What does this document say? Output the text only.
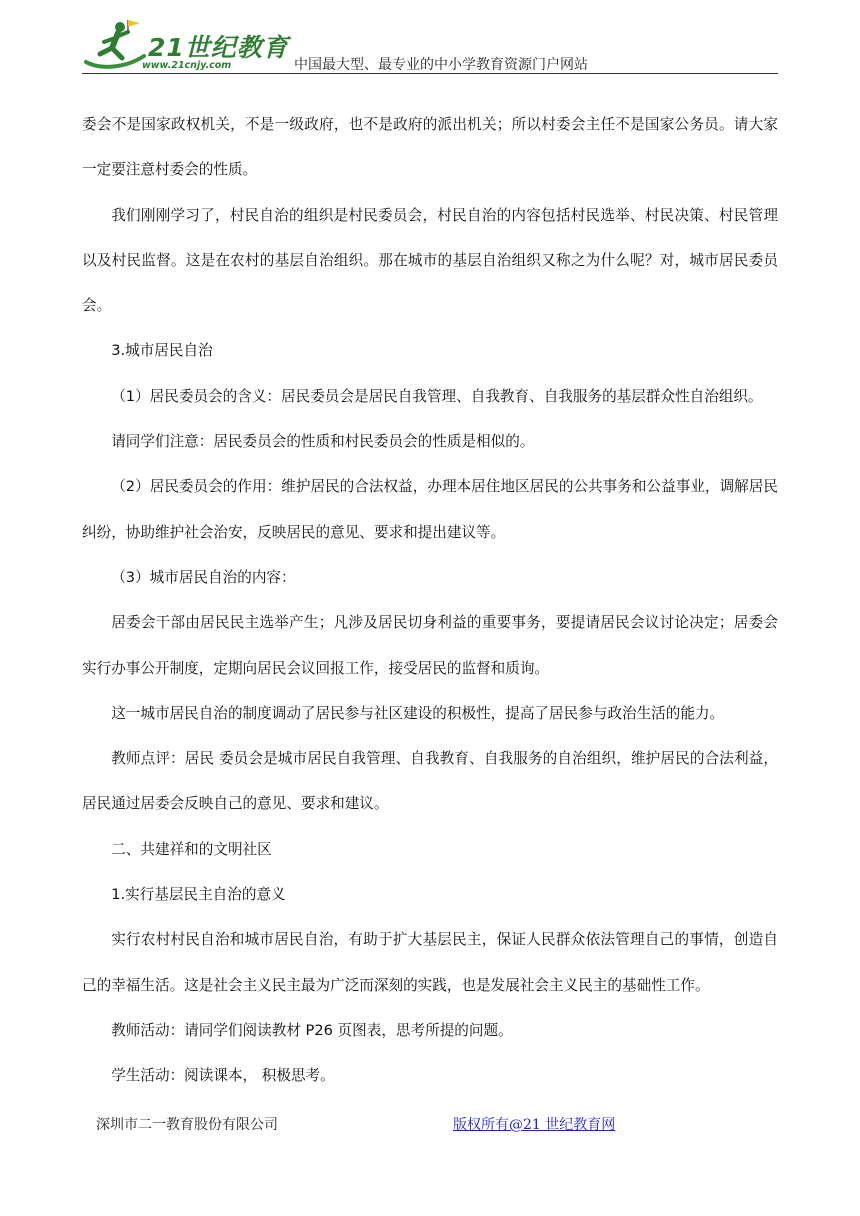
21世纪教育
www.21cnjy.com	中国最大型、最专业的中小学教育资源门户网站

委会不是国家政权机关，不是一级政府，也不是政府的派出机关；所以村委会主任不是国家公务员。请大家一定要注意村委会的性质。

我们刚刚学习了，村民自治的组织是村民委员会，村民自治的内容包括村民选举、村民决策、村民管理以及村民监督。这是在农村的基层自治组织。那在城市的基层自治组织又称之为什么呢？对，城市居民委员会。

3.城市居民自治

（1）居民委员会的含义：居民委员会是居民自我管理、自我教育、自我服务的基层群众性自治组织。

请同学们注意：居民委员会的性质和村民委员会的性质是相似的。

（2）居民委员会的作用：维护居民的合法权益，办理本居住地区居民的公共事务和公益事业，调解居民纠纷，协助维护社会治安，反映居民的意见、要求和提出建议等。

（3）城市居民自治的内容：

居委会干部由居民民主选举产生；凡涉及居民切身利益的重要事务，要提请居民会议讨论决定；居委会实行办事公开制度，定期向居民会议回报工作，接受居民的监督和质询。

这一城市居民自治的制度调动了居民参与社区建设的积极性，提高了居民参与政治生活的能力。

教师点评：居民 委员会是城市居民自我管理、自我教育、自我服务的自治组织，维护居民的合法利益，居民通过居委会反映自己的意见、要求和建议。

二、共建祥和的文明社区

1.实行基层民主自治的意义

实行农村村民自治和城市居民自治，有助于扩大基层民主，保证人民群众依法管理自己的事情，创造自己的幸福生活。这是社会主义民主最为广泛而深刻的实践，也是发展社会主义民主的基础性工作。

教师活动：请同学们阅读教材 P26 页图表，思考所提的问题。

学生活动：阅读课本， 积极思考。

深圳市二一教育股份有限公司	版权所有@21 世纪教育网
